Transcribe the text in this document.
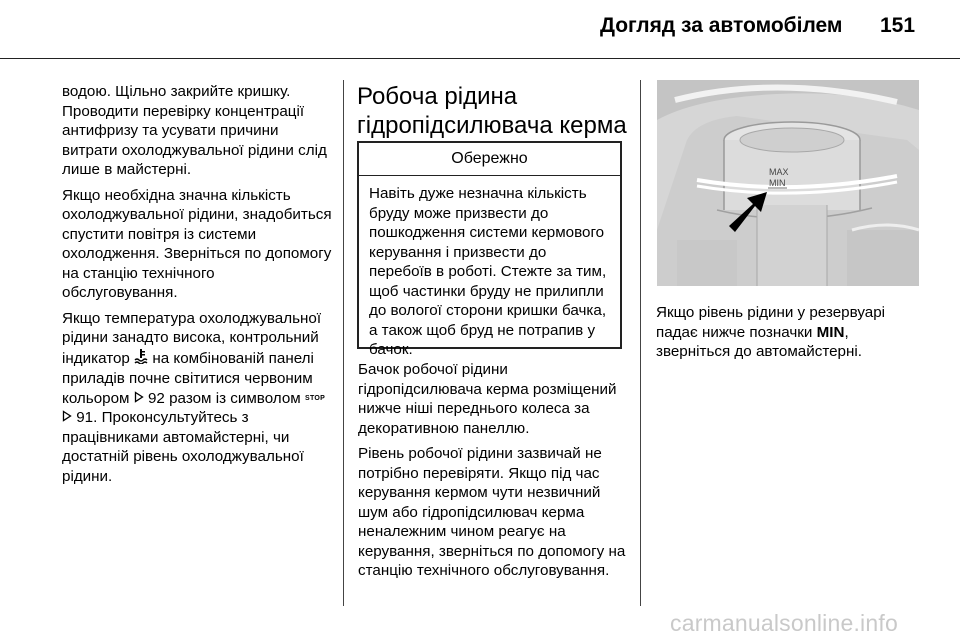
Догляд за автомобілем 151

водою. Щільно закрийте кришку. Проводити перевірку концентрації антифризу та усувати причини витрати охолоджувальної рідини слід лише в майстерні.

Якщо необхідна значна кількість охолоджувальної рідини, знадобиться спустити повітря із системи охолодження. Зверніться по допомогу на станцію технічного обслуговування.

Якщо температура охолоджувальної рідини занадто висока, контрольний індикатор на комбінованій панелі приладів почне світитися червоним кольором 92 разом із символом STOP  91. Проконсультуйтесь з працівниками автомайстерні, чи достатній рівень охолоджувальної рідини.

Робоча рідина
гідропідсилювача керма
Обережно
Навіть дуже незначна кількість бруду може призвести до пошкодження системи кермового керування і призвести до перебоїв в роботі. Стежте за тим, щоб частинки бруду не прилипли до вологої сторони кришки бачка, а також щоб бруд не потрапив у бачок.

Бачок робочої рідини гідропідсилювача керма розміщений нижче ніші переднього колеса за декоративною панеллю.

Рівень робочої рідини зазвичай не потрібно перевіряти. Якщо під час керування кермом чути незвичний шум або гідропідсилювач керма неналежним чином реагує на керування, зверніться по допомогу на станцію технічного обслуговування.

MAX
MIN

Якщо рівень рідини у резервуарі падає нижче позначки MIN, зверніться до автомайстерні.

carmanualsonline.info
